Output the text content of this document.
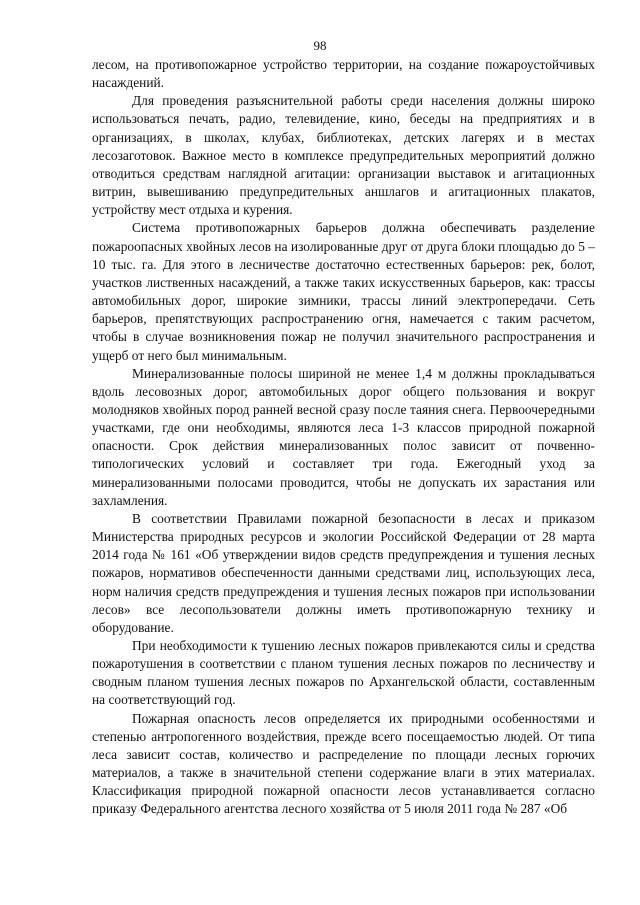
98

лесом, на противопожарное устройство территории, на создание пожароустойчивых насаждений.

Для проведения разъяснительной работы среди населения должны широко использоваться печать, радио, телевидение, кино, беседы на предприятиях и в организациях, в школах, клубах, библиотеках, детских лагерях и в местах лесозаготовок. Важное место в комплексе предупредительных мероприятий должно отводиться средствам наглядной агитации: организации выставок и агитационных витрин, вывешиванию предупредительных аншлагов и агитационных плакатов, устройству мест отдыха и курения.

Система противопожарных барьеров должна обеспечивать разделение пожароопасных хвойных лесов на изолированные друг от друга блоки площадью до 5 – 10 тыс. га. Для этого в лесничестве достаточно естественных барьеров: рек, болот, участков лиственных насаждений, а также таких искусственных барьеров, как: трассы автомобильных дорог, широкие зимники, трассы линий электропередачи. Сеть барьеров, препятствующих распространению огня, намечается с таким расчетом, чтобы в случае возникновения пожар не получил значительного распространения и ущерб от него был минимальным.

Минерализованные полосы шириной не менее 1,4 м должны прокладываться вдоль лесовозных дорог, автомобильных дорог общего пользования и вокруг молодняков хвойных пород ранней весной сразу после таяния снега. Первоочередными участками, где они необходимы, являются леса 1-3 классов природной пожарной опасности. Срок действия минерализованных полос зависит от почвенно-типологических условий и составляет три года. Ежегодный уход за минерализованными полосами проводится, чтобы не допускать их зарастания или захламления.

В соответствии Правилами пожарной безопасности в лесах и приказом Министерства природных ресурсов и экологии Российской Федерации от 28 марта 2014 года № 161 «Об утверждении видов средств предупреждения и тушения лесных пожаров, нормативов обеспеченности данными средствами лиц, использующих леса, норм наличия средств предупреждения и тушения лесных пожаров при использовании лесов» все лесопользователи должны иметь противопожарную технику и оборудование.

При необходимости к тушению лесных пожаров привлекаются силы и средства пожаротушения в соответствии с планом тушения лесных пожаров по лесничеству и сводным планом тушения лесных пожаров по Архангельской области, составленным на соответствующий год.

Пожарная опасность лесов определяется их природными особенностями и степенью антропогенного воздействия, прежде всего посещаемостью людей. От типа леса зависит состав, количество и распределение по площади лесных горючих материалов, а также в значительной степени содержание влаги в этих материалах. Классификация природной пожарной опасности лесов устанавливается согласно приказу Федерального агентства лесного хозяйства от 5 июля 2011 года № 287 «Об
